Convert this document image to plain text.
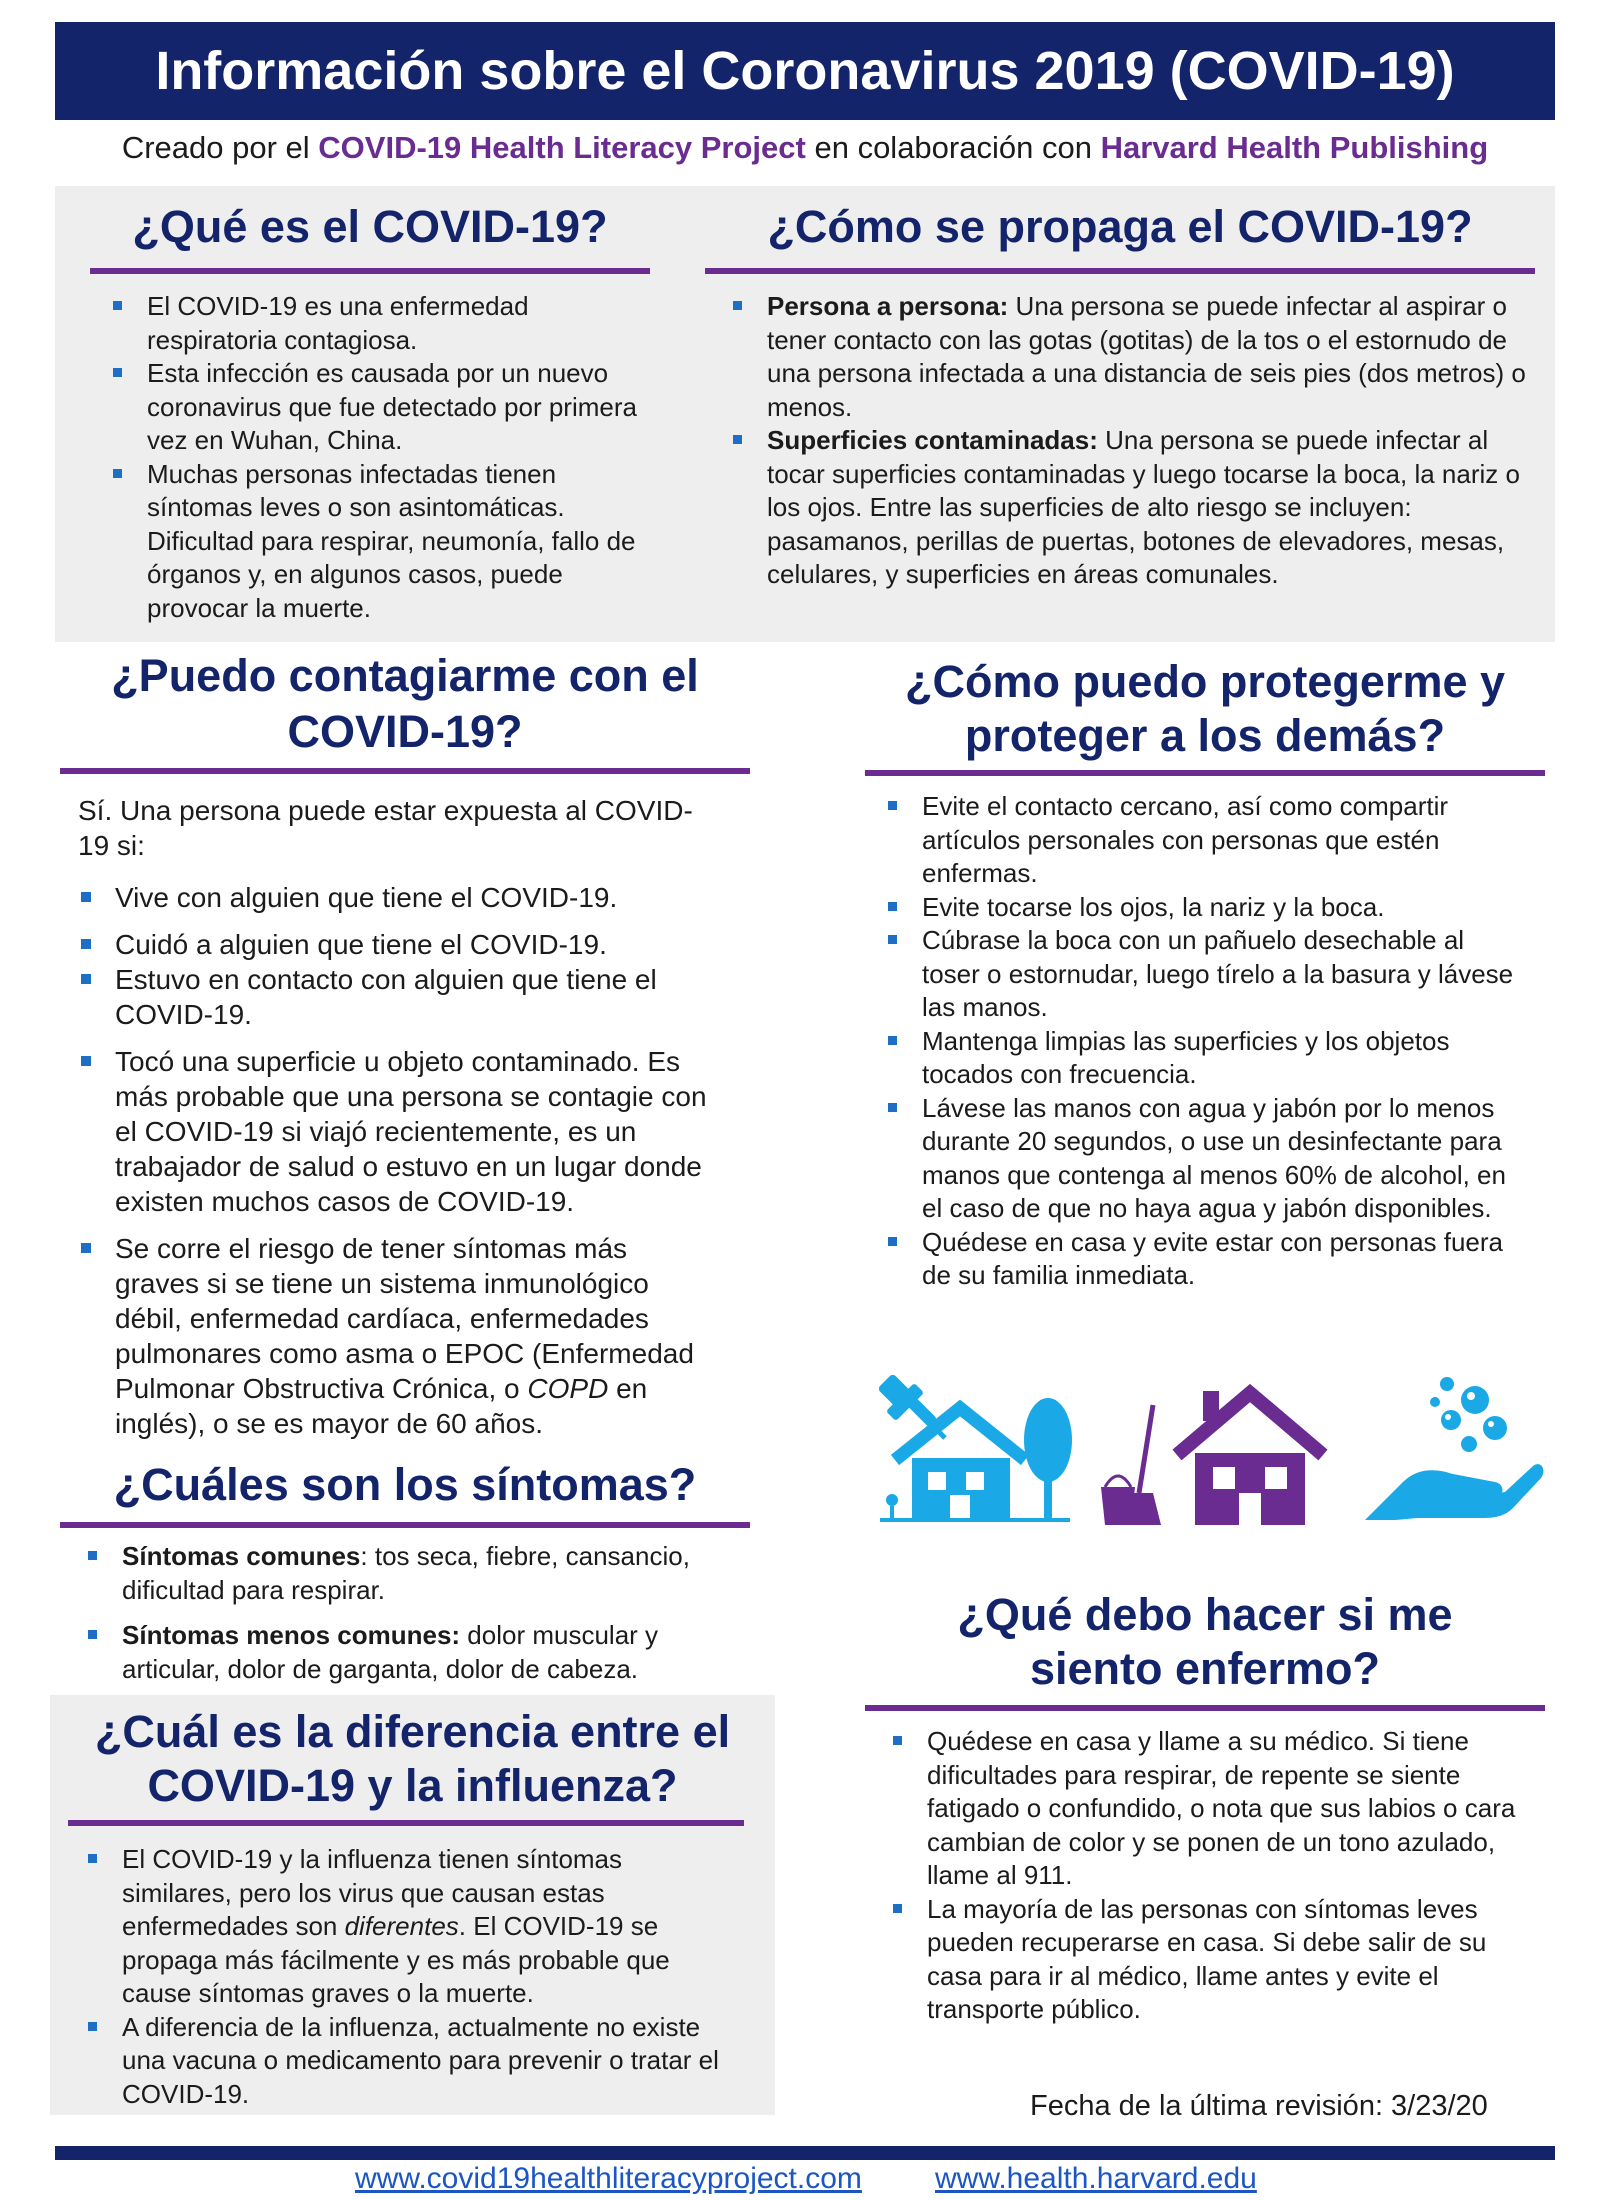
Información sobre el Coronavirus 2019 (COVID-19)
Creado por el COVID-19 Health Literacy Project en colaboración con Harvard Health Publishing
¿Qué es el COVID-19?
El COVID-19 es una enfermedad respiratoria contagiosa.
Esta infección es causada por un nuevo coronavirus que fue detectado por primera vez en Wuhan, China.
Muchas personas infectadas tienen síntomas leves o son asintomáticas. Dificultad para respirar, neumonía, fallo de órganos y, en algunos casos, puede provocar la muerte.
¿Cómo se propaga el COVID-19?
Persona a persona: Una persona se puede infectar al aspirar o tener contacto con las gotas (gotitas) de la tos o el estornudo de una persona infectada a una distancia de seis pies (dos metros) o menos.
Superficies contaminadas: Una persona se puede infectar al tocar superficies contaminadas y luego tocarse la boca, la nariz o los ojos. Entre las superficies de alto riesgo se incluyen: pasamanos, perillas de puertas, botones de elevadores, mesas, celulares, y superficies en áreas comunales.
¿Puedo contagiarme con el
COVID-19?
Sí. Una persona puede estar expuesta al COVID-19 si:
Vive con alguien que tiene el COVID-19.
Cuidó a alguien que tiene el COVID-19.
Estuvo en contacto con alguien que tiene el COVID-19.
Tocó una superficie u objeto contaminado. Es más probable que una persona se contagie con el COVID-19 si viajó recientemente, es un trabajador de salud o estuvo en un lugar donde existen muchos casos de COVID-19.
Se corre el riesgo de tener síntomas más graves si se tiene un sistema inmunológico débil, enfermedad cardíaca, enfermedades pulmonares como asma o EPOC (Enfermedad Pulmonar Obstructiva Crónica, o COPD en inglés), o se es mayor de 60 años.
¿Cómo puedo protegerme y
proteger a los demás?
Evite el contacto cercano, así como compartir artículos personales con personas que estén enfermas.
Evite tocarse los ojos, la nariz y la boca.
Cúbrase la boca con un pañuelo desechable al toser o estornudar, luego tírelo a la basura y lávese las manos.
Mantenga limpias las superficies y los objetos tocados con frecuencia.
Lávese las manos con agua y jabón por lo menos durante 20 segundos, o use un desinfectante para manos que contenga al menos 60% de alcohol, en el caso de que no haya agua y jabón disponibles.
Quédese en casa y evite estar con personas fuera de su familia inmediata.
¿Cuáles son los síntomas?
Síntomas comunes: tos seca, fiebre, cansancio, dificultad para respirar.
Síntomas menos comunes: dolor muscular y articular, dolor de garganta, dolor de cabeza.
¿Cuál es la diferencia entre el
COVID-19 y la influenza?
El COVID-19 y la influenza tienen síntomas similares, pero los virus que causan estas enfermedades son diferentes. El COVID-19 se propaga más fácilmente y es más probable que cause síntomas graves o la muerte.
A diferencia de la influenza, actualmente no existe una vacuna o medicamento para prevenir o tratar el COVID-19.
¿Qué debo hacer si me
siento enfermo?
Quédese en casa y llame a su médico. Si tiene dificultades para respirar, de repente se siente fatigado o confundido, o nota que sus labios o cara cambian de color y se ponen de un tono azulado, llame al 911.
La mayoría de las personas con síntomas leves pueden recuperarse en casa. Si debe salir de su casa para ir al médico, llame antes y evite el transporte público.
Fecha de la última revisión: 3/23/20
www.covid19healthliteracyproject.com www.health.harvard.edu
